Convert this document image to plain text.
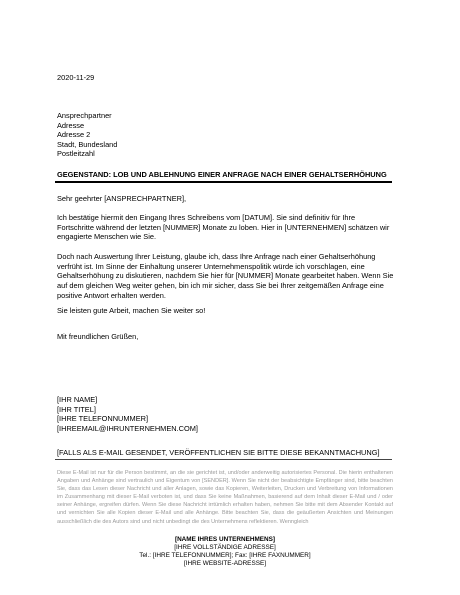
2020-11-29
Ansprechpartner
Adresse
Adresse 2
Stadt, Bundesland
Postleitzahl
GEGENSTAND: LOB UND ABLEHNUNG EINER ANFRAGE NACH EINER GEHALTSERHÖHUNG
Sehr geehrter [ANSPRECHPARTNER],
Ich bestätige hiermit den Eingang Ihres Schreibens vom [DATUM]. Sie sind definitiv für Ihre Fortschritte während der letzten [NUMMER] Monate zu loben. Hier in [UNTERNEHMEN] schätzen wir engagierte Menschen wie Sie.
Doch nach Auswertung Ihrer Leistung, glaube ich, dass Ihre Anfrage nach einer Gehaltserhöhung verfrüht ist. Im Sinne der Einhaltung unserer Unternehmenspolitik würde ich vorschlagen, eine Gehaltserhöhung zu diskutieren, nachdem Sie hier für [NUMMER] Monate gearbeitet haben. Wenn Sie auf dem gleichen Weg weiter gehen, bin ich mir sicher, dass Sie bei Ihrer zeitgemäßen Anfrage eine positive Antwort erhalten werden.
Sie leisten gute Arbeit, machen Sie weiter so!
Mit freundlichen Grüßen,
[IHR NAME]
[IHR TITEL]
[IHRE TELEFONNUMMER]
[IHREEMAIL@IHRUNTERNEHMEN.COM]
[FALLS ALS E-MAIL GESENDET, VERÖFFENTLICHEN SIE BITTE DIESE BEKANNTMACHUNG]
Diese E-Mail ist nur für die Person bestimmt, an die sie gerichtet ist, und/oder anderweitig autorisiertes Personal. Die hierin enthaltenen Angaben und Anhänge sind vertraulich und Eigentum von [SENDER]. Wenn Sie nicht der beabsichtigte Empfänger sind, bitte beachten Sie, dass das Lesen dieser Nachricht und aller Anlagen, sowie das Kopieren, Weiterleiten, Drucken und Verbreitung von Informationen im Zusammenhang mit dieser E-Mail verboten ist, und dass Sie keine Maßnahmen, basierend auf dem Inhalt dieser E-Mail und / oder seiner Anhänge, ergreifen dürfen. Wenn Sie diese Nachricht irrtümlich erhalten haben, nehmen Sie bitte mit dem Absender Kontakt auf und vernichten Sie alle Kopien dieser E-Mail und alle Anhänge. Bitte beachten Sie, dass die geäußerten Ansichten und Meinungen ausschließlich die des Autors sind und nicht unbedingt die des Unternehmens reflektieren. Wenngleich
[NAME IHRES UNTERNEHMENS]
[IHRE VOLLSTÄNDIGE ADRESSE]
Tel.: [IHRE TELEFONNUMMER]; Fax: [IHRE FAXNUMMER]
[IHRE WEBSITE-ADRESSE]
